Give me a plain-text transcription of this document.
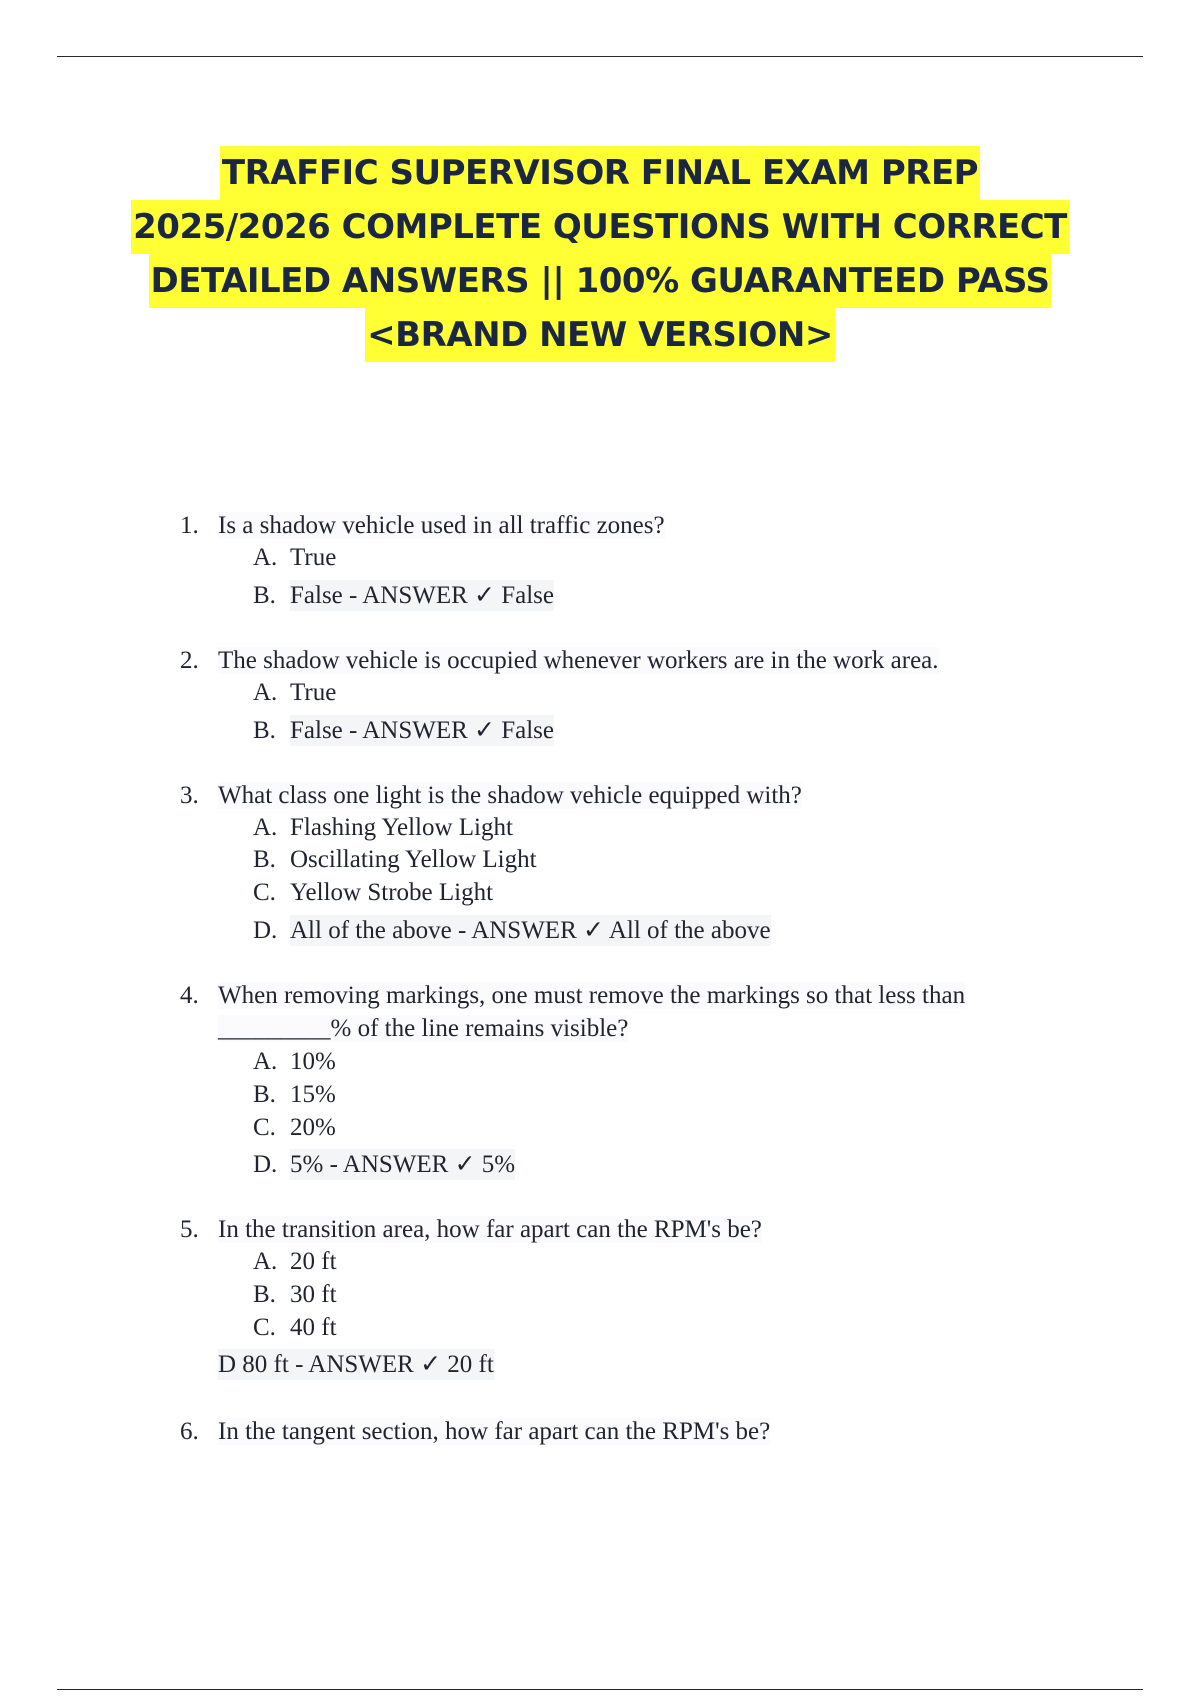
TRAFFIC SUPERVISOR FINAL EXAM PREP
2025/2026 COMPLETE QUESTIONS WITH CORRECT
DETAILED ANSWERS || 100% GUARANTEED PASS
<BRAND NEW VERSION>
1. Is a shadow vehicle used in all traffic zones?
A. True
B. False - ANSWER ✓ False
2. The shadow vehicle is occupied whenever workers are in the work area.
A. True
B. False - ANSWER ✓ False
3. What class one light is the shadow vehicle equipped with?
A. Flashing Yellow Light
B. Oscillating Yellow Light
C. Yellow Strobe Light
D. All of the above - ANSWER ✓ All of the above
4. When removing markings, one must remove the markings so that less than
_________% of the line remains visible?
A. 10%
B. 15%
C. 20%
D. 5% - ANSWER ✓ 5%
5. In the transition area, how far apart can the RPM's be?
A. 20 ft
B. 30 ft
C. 40 ft
D 80 ft - ANSWER ✓ 20 ft
6. In the tangent section, how far apart can the RPM's be?
